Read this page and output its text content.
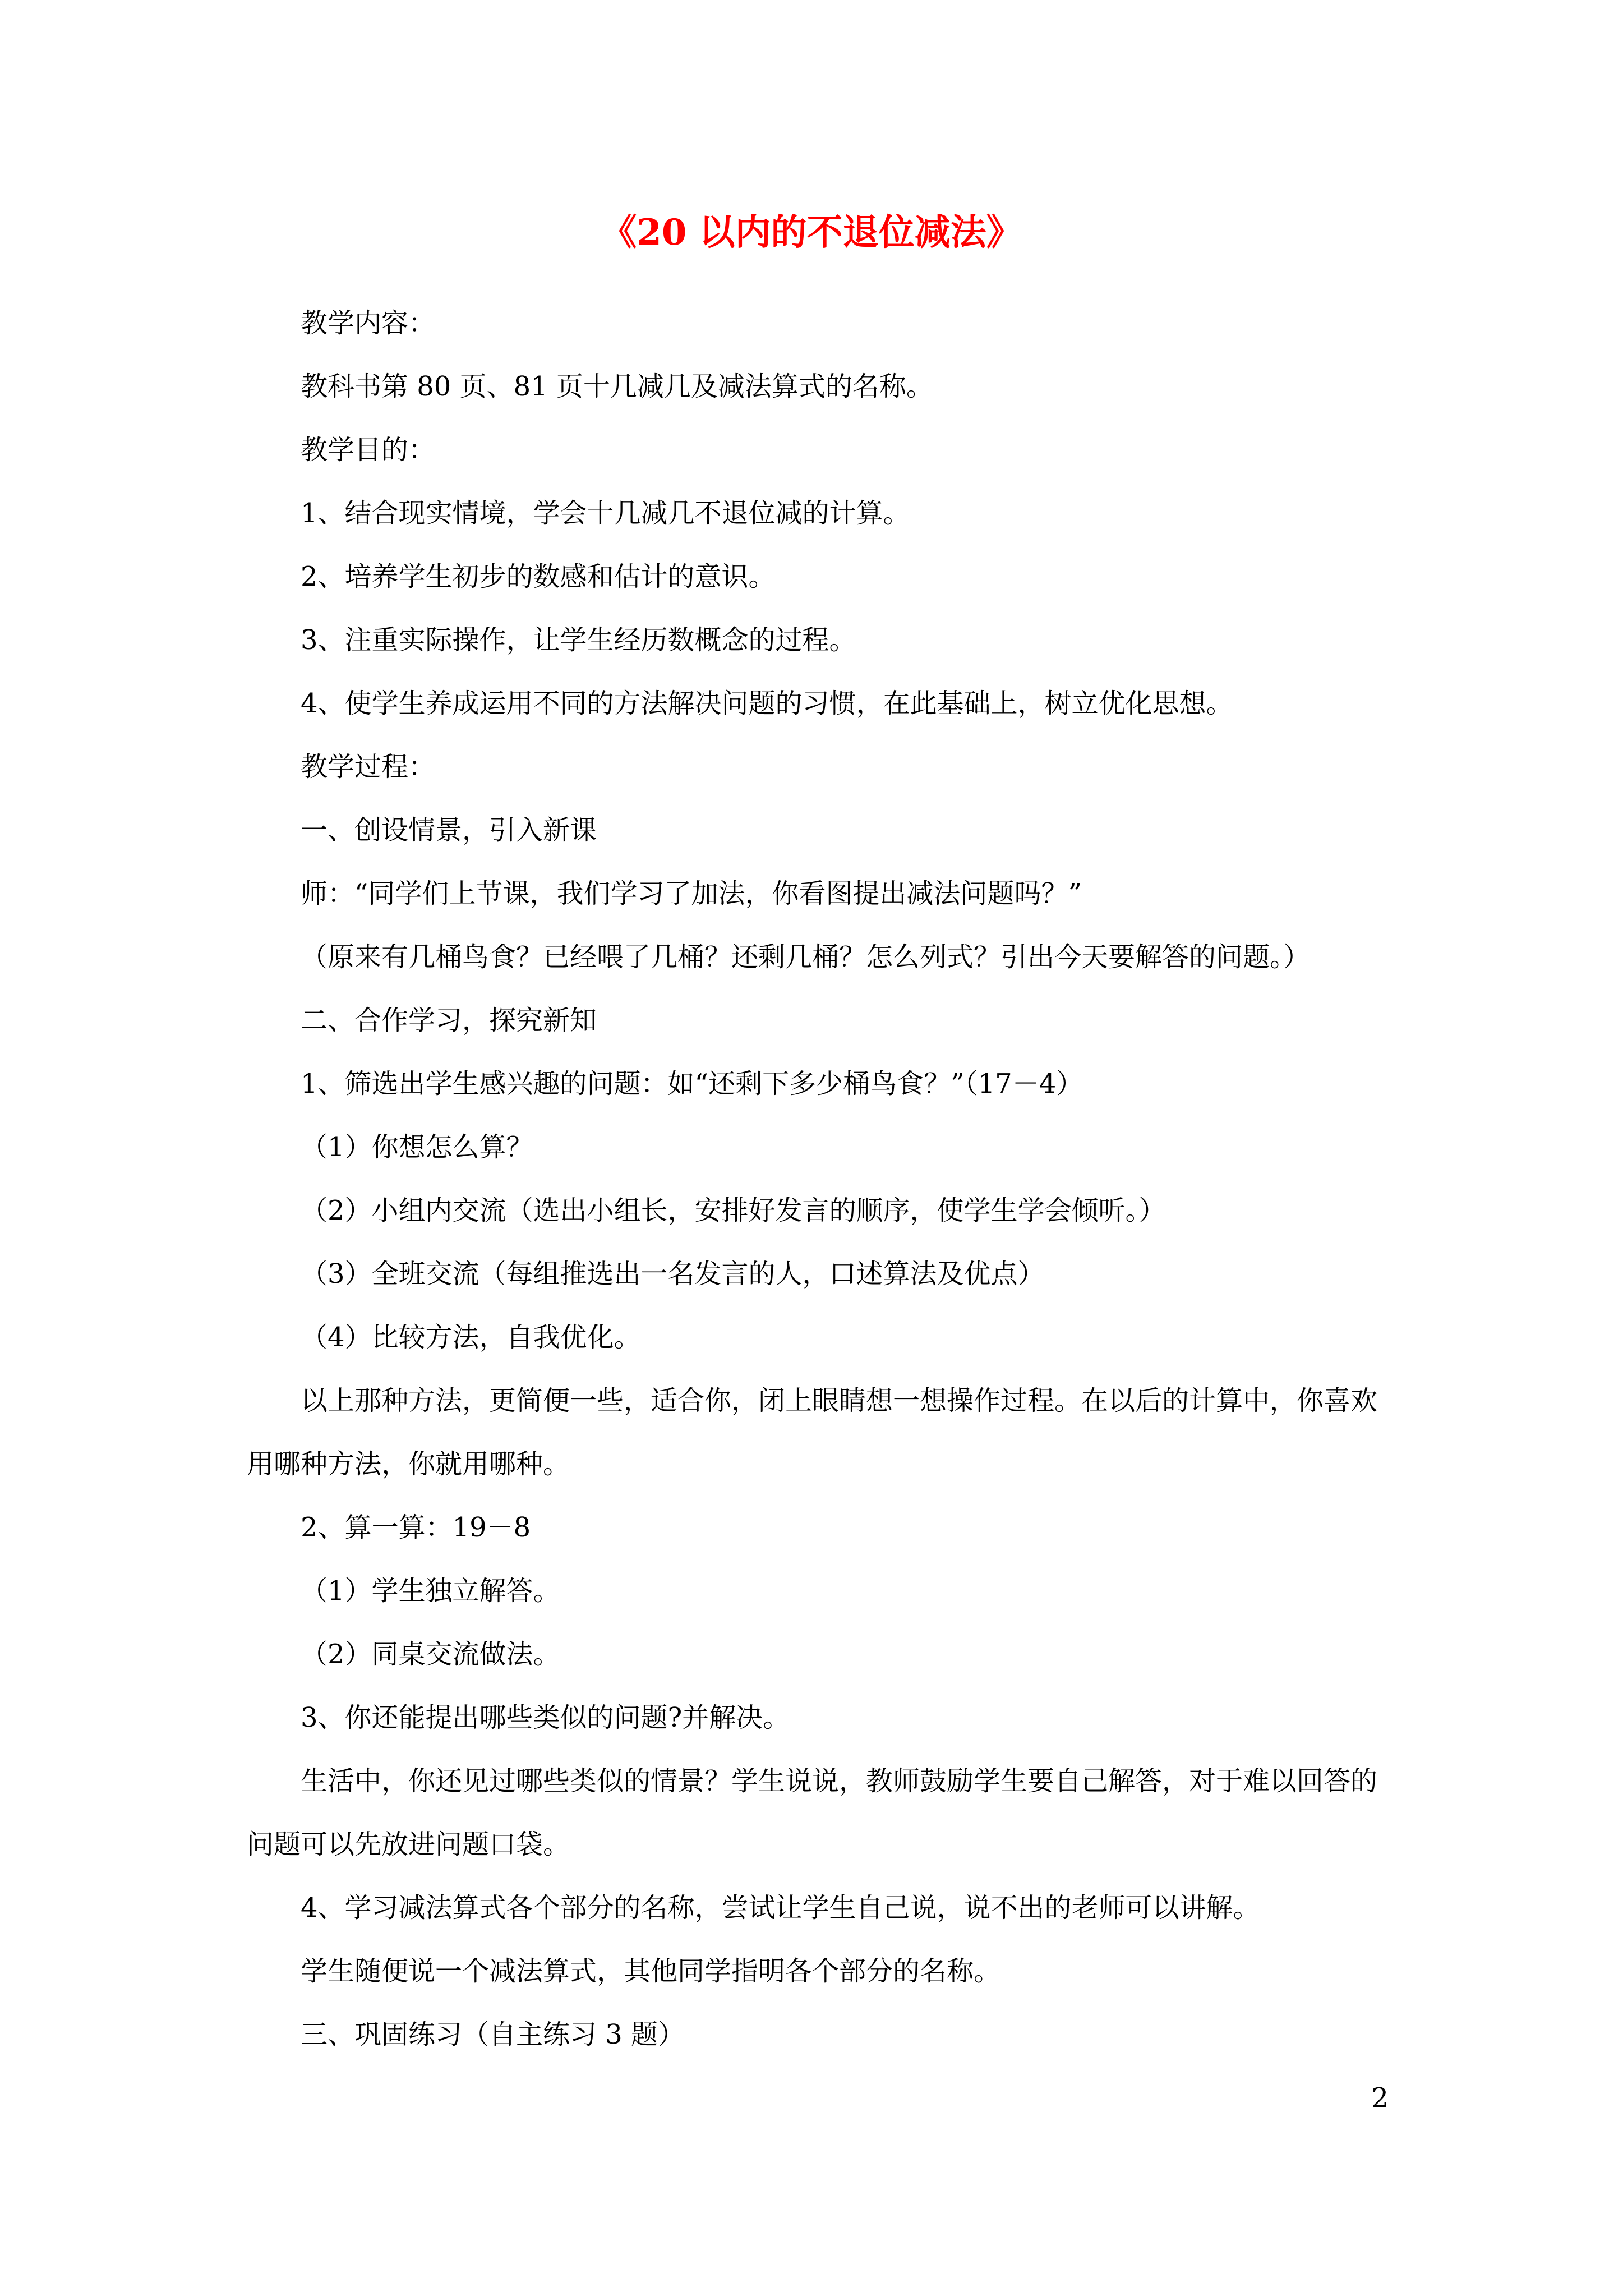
《20 以内的不退位减法》
教学内容：
教科书第 80 页、81 页十几减几及减法算式的名称。
教学目的：
1、结合现实情境，学会十几减几不退位减的计算。
2、培养学生初步的数感和估计的意识。
3、注重实际操作，让学生经历数概念的过程。
4、使学生养成运用不同的方法解决问题的习惯，在此基础上，树立优化思想。
教学过程：
一、创设情景，引入新课
师：“同学们上节课，我们学习了加法，你看图提出减法问题吗？”
（原来有几桶鸟食？已经喂了几桶？还剩几桶？怎么列式？引出今天要解答的问题。）
二、合作学习，探究新知
1、筛选出学生感兴趣的问题：如“还剩下多少桶鸟食？”（17－4）
（1）你想怎么算？
（2）小组内交流（选出小组长，安排好发言的顺序，使学生学会倾听。）
（3）全班交流（每组推选出一名发言的人，口述算法及优点）
（4）比较方法，自我优化。
以上那种方法，更简便一些，适合你，闭上眼睛想一想操作过程。在以后的计算中，你喜欢用哪种方法，你就用哪种。
2、算一算：19－8
（1）学生独立解答。
（2）同桌交流做法。
3、你还能提出哪些类似的问题?并解决。
生活中，你还见过哪些类似的情景？学生说说，教师鼓励学生要自己解答，对于难以回答的问题可以先放进问题口袋。
4、学习减法算式各个部分的名称，尝试让学生自己说，说不出的老师可以讲解。
学生随便说一个减法算式，其他同学指明各个部分的名称。
三、巩固练习（自主练习 3 题）
2
